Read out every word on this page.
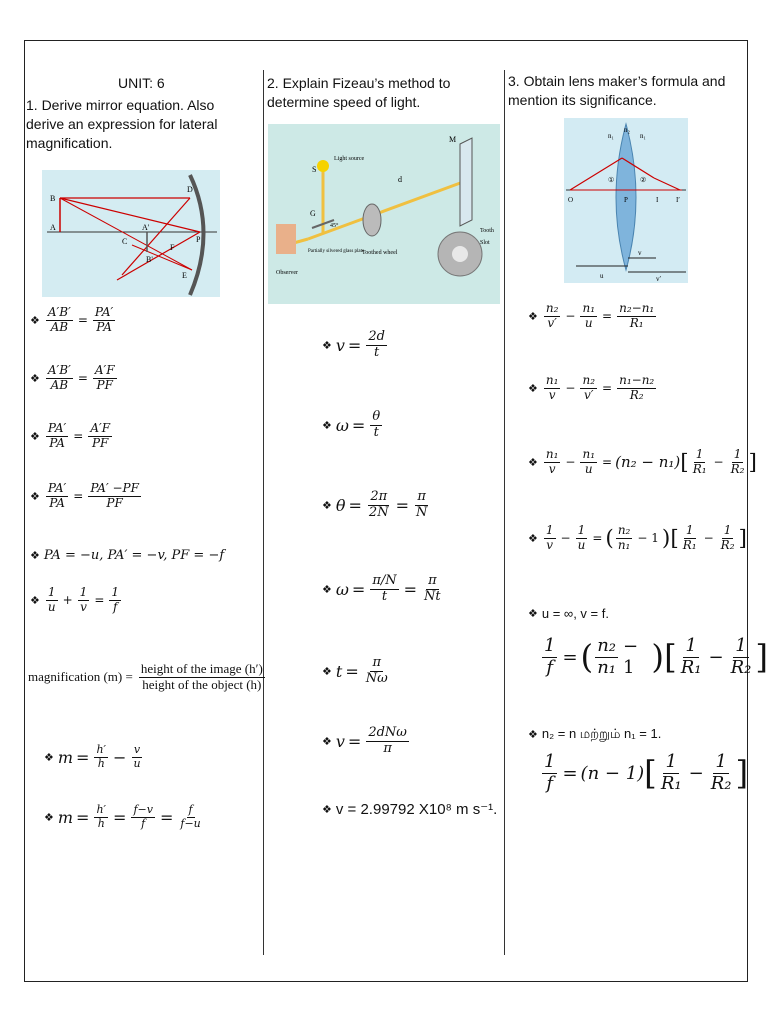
UNIT: 6
1. Derive mirror equation. Also derive an expression for lateral magnification.
B
D
A	A'
C
F
P
B'
E
❖ $\frac{A'B'}{AB} = \frac{PA'}{PA}$
❖ $\frac{A'B'}{AB} = \frac{A'F}{PF}$
❖ $\frac{PA'}{PA} = \frac{A'F}{PF}$
❖ $\frac{PA'}{PA} = \frac{PA' -PF}{PF}$
❖ PA = −u, PA′ = −v, PF = −f
❖ $\frac{1}{u} + \frac{1}{v} = \frac{1}{f}$
magnification $(m) = \frac{\text{height of the image (h′)}}{\text{height of the object (h)}}$
❖ $m = \frac{h'}{h} - \frac{v}{u}$
❖ $m = \frac{h'}{h} = \frac{f-v}{f} = \frac{f}{f-u}$
2. Explain Fizeau’s method to determine speed of light.
S
Light source
M
d
G
45°
Observer
Partially silvered glass plate
Toothed wheel
Tooth
Slot
❖ $v = \frac{2d}{t}$
❖ $\omega = \frac{\theta}{t}$
❖ $\theta = \frac{2\pi}{2N} = \frac{\pi}{N}$
❖ $\omega = \frac{\pi/N}{t} = \frac{\pi}{Nt}$
❖ $t = \frac{\pi}{N\omega}$
❖ $v = \frac{\text{2dNω}}{\pi}$
❖ v = 2.99792 X10⁸ m s⁻¹.
3. Obtain lens maker’s formula and mention its significance.
n₁
n₂
n₁
O	P	I	I′
①	②
v
u	v′
❖ $\frac{\text{n₂}}{v'} - \frac{\text{n₁}}{u} = \frac{\text{n₂−n₁}}{\text{R₁}}$
❖ $\frac{\text{n₁}}{v} - \frac{\text{n₂}}{v'} = \frac{\text{n₁−n₂}}{\text{R₂}}$
❖ $\frac{\text{n₁}}{v} - \frac{\text{n₁}}{u} = (n_2 - n_1)$ [ $\frac{1}{\text{R₁}} - \frac{1}{\text{R₂}}$ ]
❖ $\frac{1}{v} - \frac{1}{u}$ = ( $\frac{\text{n₂}}{\text{n₁}} - 1$ ) [ $\frac{1}{\text{R₁}} - \frac{1}{\text{R₂}}$ ]
❖ u = ∞, v = f.
$\frac{1}{f}$ = ( $\frac{\text{n₂}}{\text{n₁}} - 1$ ) [ $\frac{1}{\text{R₁}} - \frac{1}{\text{R₂}}$ ]
❖ n₂ = n மற்றும் n₁ = 1.
$\frac{1}{f} = (n - 1)$ [ $\frac{1}{\text{R₁}} - \frac{1}{\text{R₂}}$ ]
